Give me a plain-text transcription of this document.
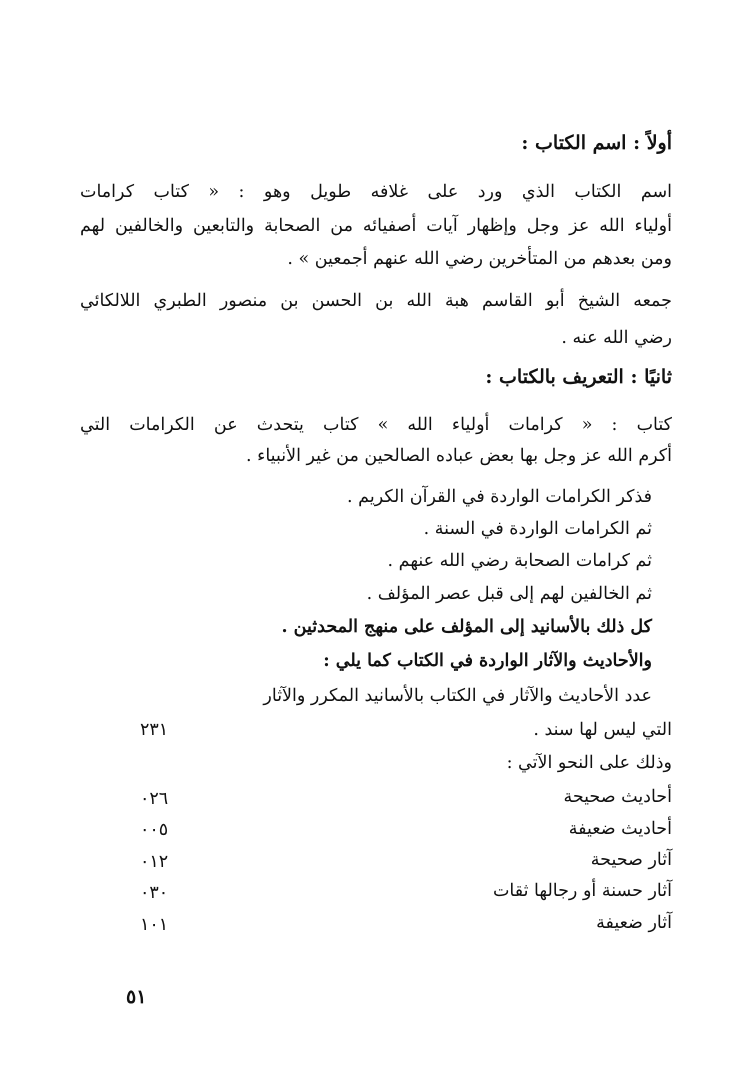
أولاً : اسم الكتاب :
اسم الكتاب الذي ورد على غلافه طويل وهو : « كتاب كرامات
أولياء الله عز وجل وإظهار آيات أصفيائه من الصحابة والتابعين والخالفين لهم
ومن بعدهم من المتأخرين رضي الله عنهم أجمعين » .
جمعه الشيخ أبو القاسم هبة الله بن الحسن بن منصور الطبري اللالكائي
رضي الله عنه .
ثانيًا : التعريف بالكتاب :
كتاب : « كرامات أولياء الله » كتاب يتحدث عن الكرامات التي
أكرم الله عز وجل بها بعض عباده الصالحين من غير الأنبياء .
فذكر الكرامات الواردة في القرآن الكريم .
ثم الكرامات الواردة في السنة .
ثم كرامات الصحابة رضي الله عنهم .
ثم الخالفين لهم إلى قبل عصر المؤلف .
كل ذلك بالأسانيد إلى المؤلف على منهج المحدثين .
والأحاديث والآثار الواردة في الكتاب كما يلي :
عدد الأحاديث والآثار في الكتاب بالأسانيد المكرر والآثار
التي ليس لها سند .
٢٣١
وذلك على النحو الآتي :
أحاديث صحيحة
٠٢٦
أحاديث ضعيفة
٠٠٥
آثار صحيحة
٠١٢
آثار حسنة أو رجالها ثقات
٠٣٠
آثار ضعيفة
١٠١
٥١
